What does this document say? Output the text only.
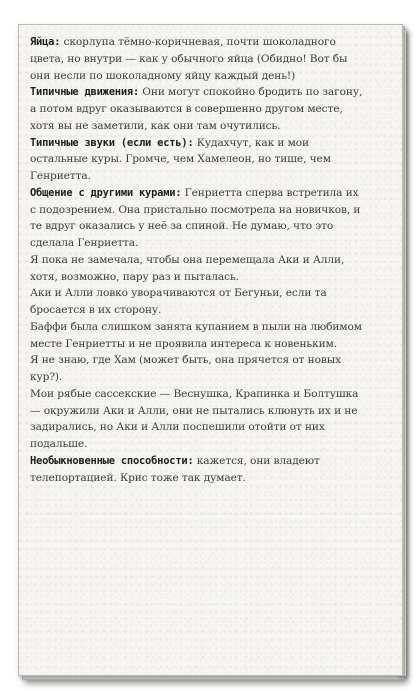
Яйца: скорлупа тёмно-коричневая, почти шоколадного цвета, но внутри — как у обычного яйца (Обидно! Вот бы они несли по шоколадному яйцу каждый день!)

Типичные движения: Они могут спокойно бродить по загону, а потом вдруг оказываются в совершенно другом месте, хотя вы не заметили, как они там очутились.

Типичные звуки (если есть): Кудахчут, как и мои остальные куры. Громче, чем Хамелеон, но тише, чем Генриетта.

Общение с другими курами: Генриетта сперва встретила их с подозрением. Она пристально посмотрела на новичков, и те вдруг оказались у неё за спиной. Не думаю, что это сделала Генриетта.

Я пока не замечала, чтобы она перемещала Аки и Алли, хотя, возможно, пару раз и пыталась.

Аки и Алли ловко уворачиваются от Бегуньи, если та бросается в их сторону.

Баффи была слишком занята купанием в пыли на любимом месте Генриетты и не проявила интереса к новеньким.

Я не знаю, где Хам (может быть, она прячется от новых кур?).

Мои рябые сассекские — Веснушка, Крапинка и Болтушка — окружили Аки и Алли, они не пытались клюнуть их и не задирались, но Аки и Алли поспешили отойти от них подальше.

Необыкновенные способности: кажется, они владеют телепортацией. Крис тоже так думает.
